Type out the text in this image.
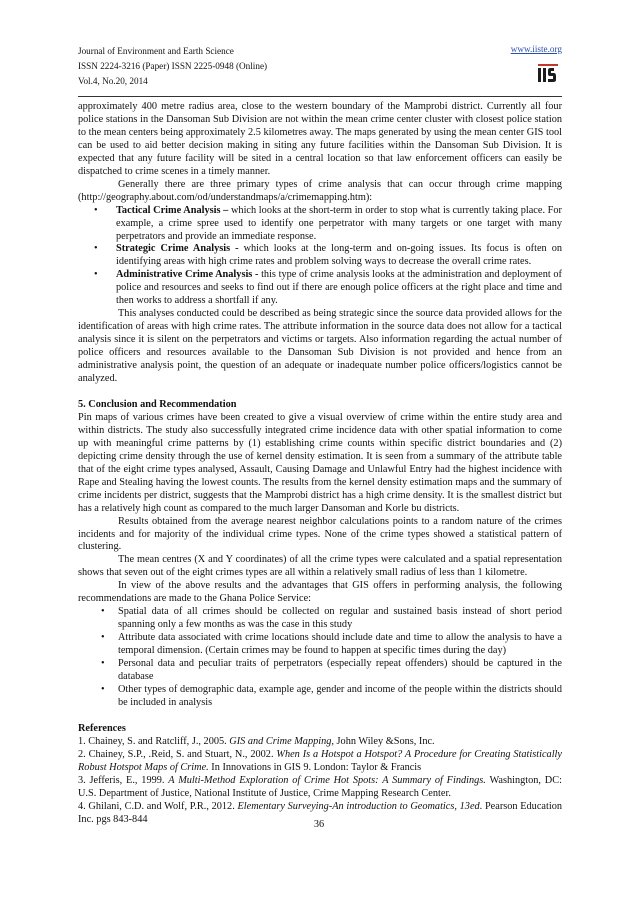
Journal of Environment and Earth Science
ISSN 2224-3216 (Paper) ISSN 2225-0948 (Online)
Vol.4, No.20, 2014
www.iiste.org

approximately 400 metre radius area, close to the western boundary of the Mamprobi district. Currently all four police stations in the Dansoman Sub Division are not within the mean crime center cluster with closest police station to the mean centers being approximately 2.5 kilometres away. The maps generated by using the mean center GIS tool can be used to aid better decision making in siting any future facilities within the Dansoman Sub Division. It is expected that any future facility will be sited in a central location so that law enforcement officers can easily be dispatched to crime scenes in a timely manner.

Generally there are three primary types of crime analysis that can occur through crime mapping (http://geography.about.com/od/understandmaps/a/crimemapping.htm):

• Tactical Crime Analysis – which looks at the short-term in order to stop what is currently taking place. For example, a crime spree used to identify one perpetrator with many targets or one target with many perpetrators and provide an immediate response.
• Strategic Crime Analysis - which looks at the long-term and on-going issues. Its focus is often on identifying areas with high crime rates and problem solving ways to decrease the overall crime rates.
• Administrative Crime Analysis - this type of crime analysis looks at the administration and deployment of police and resources and seeks to find out if there are enough police officers at the right place and time and then works to address a shortfall if any.

This analyses conducted could be described as being strategic since the source data provided allows for the identification of areas with high crime rates. The attribute information in the source data does not allow for a tactical analysis since it is silent on the perpetrators and victims or targets. Also information regarding the actual number of police officers and resources available to the Dansoman Sub Division is not provided and hence from an administrative analysis point, the question of an adequate or inadequate number police officers/logistics cannot be analyzed.

5. Conclusion and Recommendation

Pin maps of various crimes have been created to give a visual overview of crime within the entire study area and within districts. The study also successfully integrated crime incidence data with other spatial information to come up with meaningful crime patterns by (1) establishing crime counts within specific district boundaries and (2) depicting crime density through the use of kernel density estimation. It is seen from a summary of the attribute table that of the eight crime types analysed, Assault, Causing Damage and Unlawful Entry had the highest incidence with Rape and Stealing having the lowest counts. The results from the kernel density estimation maps and the summary of crime incidents per district, suggests that the Mamprobi district has a high crime density. It is the smallest district but has a relatively high count as compared to the much larger Dansoman and Korle bu districts.

Results obtained from the average nearest neighbor calculations points to a random nature of the crimes incidents and for majority of the individual crime types. None of the crime types showed a statistical pattern of clustering.

The mean centres (X and Y coordinates) of all the crime types were calculated and a spatial representation shows that seven out of the eight crimes types are all within a relatively small radius of less than 1 kilometre.

In view of the above results and the advantages that GIS offers in performing analysis, the following recommendations are made to the Ghana Police Service:

• Spatial data of all crimes should be collected on regular and sustained basis instead of short period spanning only a few months as was the case in this study
• Attribute data associated with crime locations should include date and time to allow the analysis to have a temporal dimension. (Certain crimes may be found to happen at specific times during the day)
• Personal data and peculiar traits of perpetrators (especially repeat offenders) should be captured in the database
• Other types of demographic data, example age, gender and income of the people within the districts should be included in analysis
References

1. Chainey, S. and Ratcliff, J., 2005. GIS and Crime Mapping, John Wiley &Sons, Inc.

2. Chainey, S.P., .Reid, S. and Stuart, N., 2002. When Is a Hotspot a Hotspot? A Procedure for Creating Statistically Robust Hotspot Maps of Crime. In Innovations in GIS 9. London: Taylor & Francis

3. Jefferis, E., 1999. A Multi-Method Exploration of Crime Hot Spots: A Summary of Findings. Washington, DC: U.S. Department of Justice, National Institute of Justice, Crime Mapping Research Center.

4. Ghilani, C.D. and Wolf, P.R., 2012. Elementary Surveying-An introduction to Geomatics, 13ed. Pearson Education Inc. pgs 843-844	36
